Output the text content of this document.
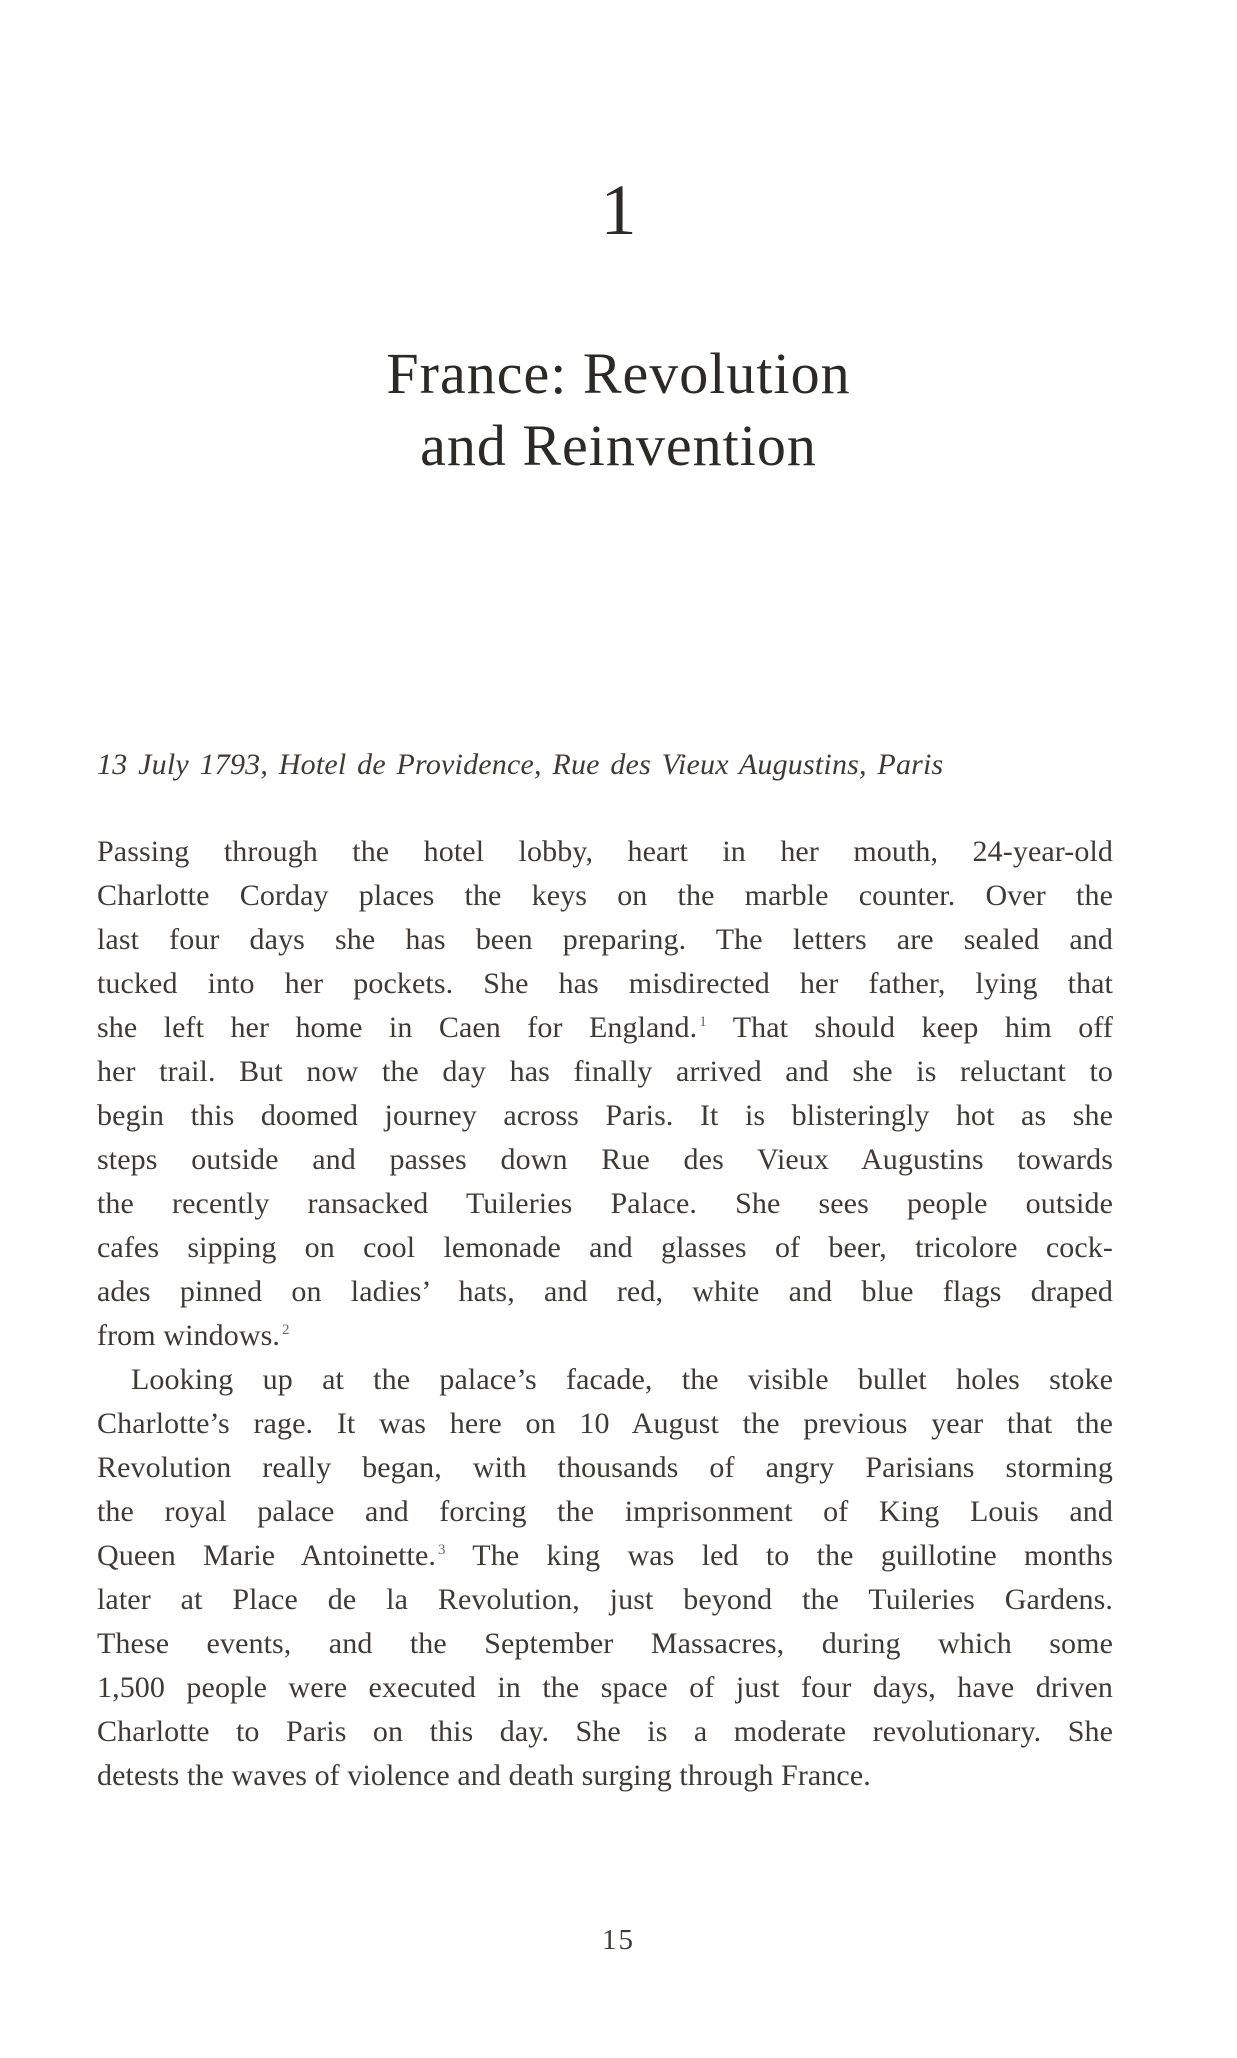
1
France: Revolution
and Reinvention
13 July 1793, Hotel de Providence, Rue des Vieux Augustins, Paris
Passing through the hotel lobby, heart in her mouth, 24-year-old
Charlotte Corday places the keys on the marble counter. Over the
last four days she has been preparing. The letters are sealed and
tucked into her pockets. She has misdirected her father, lying that
she left her home in Caen for England. $^1$ That should keep him off
her trail. But now the day has finally arrived and she is reluctant to
begin this doomed journey across Paris. It is blisteringly hot as she
steps outside and passes down Rue des Vieux Augustins towards
the recently ransacked Tuileries Palace. She sees people outside
cafes sipping on cool lemonade and glasses of beer, tricolore cock-
ades pinned on ladies’ hats, and red, white and blue flags draped
from windows. $^2$
Looking up at the palace’s facade, the visible bullet holes stoke
Charlotte’s rage. It was here on 10 August the previous year that the
Revolution really began, with thousands of angry Parisians storming
the royal palace and forcing the imprisonment of King Louis and
Queen Marie Antoinette. $^3$ The king was led to the guillotine months
later at Place de la Revolution, just beyond the Tuileries Gardens.
These events, and the September Massacres, during which some
1,500 people were executed in the space of just four days, have driven
Charlotte to Paris on this day. She is a moderate revolutionary. She
detests the waves of violence and death surging through France.
15
